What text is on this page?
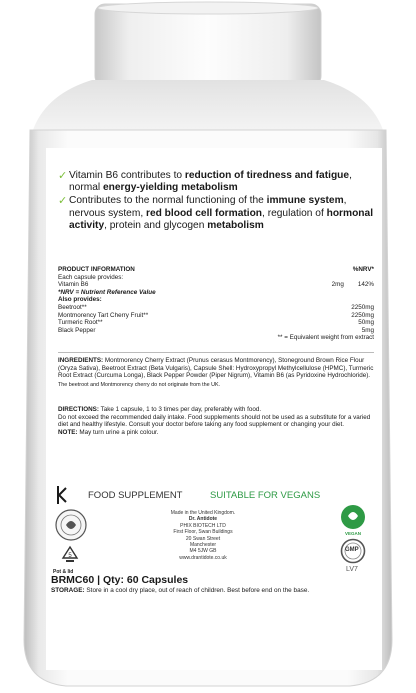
✓ Vitamin B6 contributes to reduction of tiredness and fatigue, normal energy-yielding metabolism
✓ Contributes to the normal functioning of the immune system, nervous system, red blood cell formation, regulation of hormonal activity, protein and glycogen metabolism
PRODUCT INFORMATION	%NRV*
Each capsule provides:
Vitamin B6	2mg 142%
*NRV = Nutrient Reference Value
Also provides:
Beetroot**	2250mg
Montmorency Tart Cherry Fruit**	2250mg
Turmeric Root**	50mg
Black Pepper	5mg
** = Equivalent weight from extract
INGREDIENTS: Montmorency Cherry Extract (Prunus cerasus Montmorency), Stoneground Brown Rice Flour (Oryza Sativa), Beetroot Extract (Beta Vulgaris), Capsule Shell: Hydroxypropyl Methylcellulose (HPMC), Turmeric Root Extract (Curcuma Longa), Black Pepper Powder (Piper Nigrum), Vitamin B6 (as Pyridoxine Hydrochloride).
The beetroot and Montmorency cherry do not originate from the UK.
DIRECTIONS: Take 1 capsule, 1 to 3 times per day, preferably with food.
Do not exceed the recommended daily intake. Food supplements should not be used as a substitute for a varied diet and healthy lifestyle. Consult your doctor before taking any food supplement or changing your diet.
NOTE: May turn urine a pink colour.
FOOD SUPPLEMENT	SUITABLE FOR VEGANS
5
Pot & lid
Made in the United Kingdom.
Dr. Antidote
PHIX BIOTECH LTD
First Floor, Swan Buildings
20 Swan Street
Manchester
M4 5JW GB
www.drantidote.co.uk
VEGAN
GMP
LV7
BRMC60 | Qty: 60 Capsules
STORAGE: Store in a cool dry place, out of reach of children. Best before end on the base.
